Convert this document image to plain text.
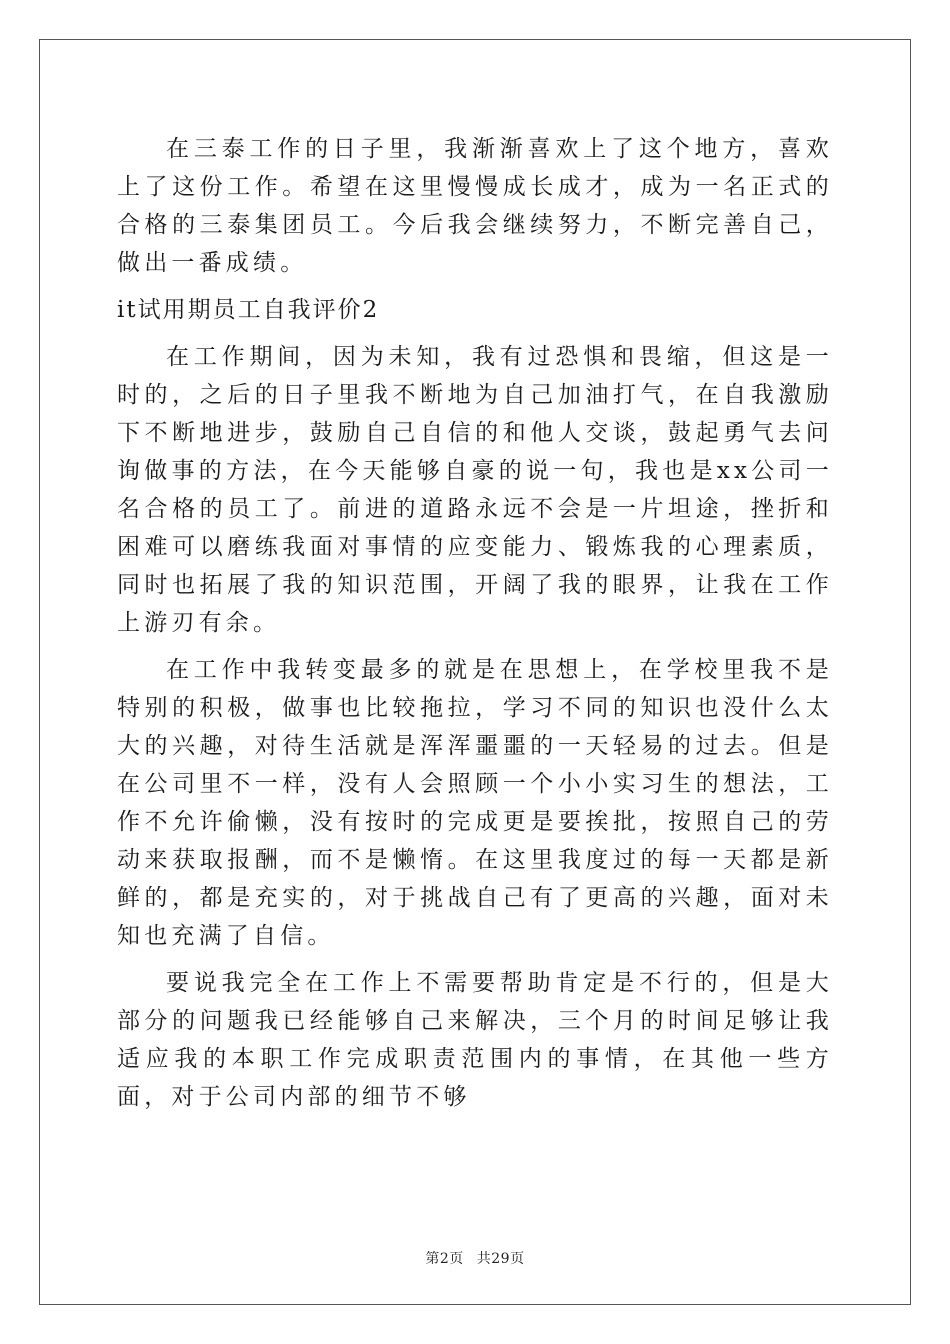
在三泰工作的日子里，我渐渐喜欢上了这个地方，喜欢上了这份工作。希望在这里慢慢成长成才，成为一名正式的合格的三泰集团员工。今后我会继续努力，不断完善自己，做出一番成绩。

it试用期员工自我评价2

在工作期间，因为未知，我有过恐惧和畏缩，但这是一时的，之后的日子里我不断地为自己加油打气，在自我激励下不断地进步，鼓励自己自信的和他人交谈，鼓起勇气去问询做事的方法，在今天能够自豪的说一句，我也是xx公司一名合格的员工了。前进的道路永远不会是一片坦途，挫折和困难可以磨练我面对事情的应变能力、锻炼我的心理素质，同时也拓展了我的知识范围，开阔了我的眼界，让我在工作上游刃有余。

在工作中我转变最多的就是在思想上，在学校里我不是特别的积极，做事也比较拖拉，学习不同的知识也没什么太大的兴趣，对待生活就是浑浑噩噩的一天轻易的过去。但是在公司里不一样，没有人会照顾一个小小实习生的想法，工作不允许偷懒，没有按时的完成更是要挨批，按照自己的劳动来获取报酬，而不是懒惰。在这里我度过的每一天都是新鲜的，都是充实的，对于挑战自己有了更高的兴趣，面对未知也充满了自信。

要说我完全在工作上不需要帮助肯定是不行的，但是大部分的问题我已经能够自己来解决，三个月的时间足够让我适应我的本职工作完成职责范围内的事情，在其他一些方面，对于公司内部的细节不够

第2页 共29页
